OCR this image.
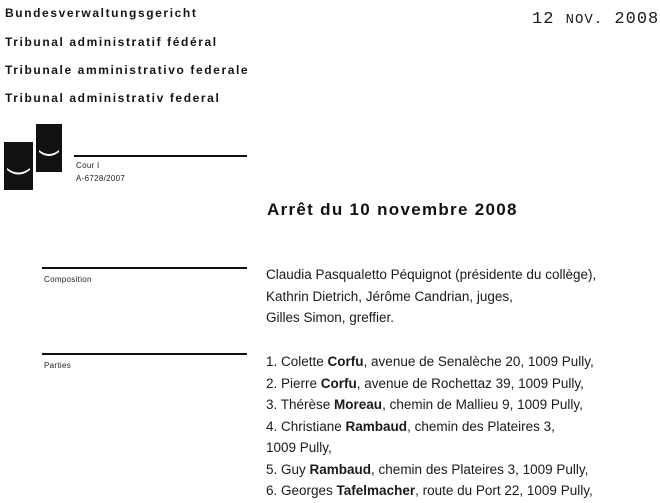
Bundesverwaltungsgericht
Tribunal administratif fédéral
Tribunale amministrativo federale
Tribunal administrativ federal
12 NOV. 2008
Cour I
A-6728/2007
Arrêt du 10 novembre 2008
Composition	Claudia Pasqualetto Péquignot (présidente du collège),

Kathrin Dietrich, Jérôme Candrian, juges,

Gilles Simon, greffier.

Parties	1. Colette Corfu, avenue de Senalèche 20, 1009 Pully,

2. Pierre Corfu, avenue de Rochettaz 39, 1009 Pully,

3. Thérèse Moreau, chemin de Mallieu 9, 1009 Pully,

4. Christiane Rambaud, chemin des Plateires 3,

1009 Pully,

5. Guy Rambaud, chemin des Plateires 3, 1009 Pully,

6. Georges Tafelmacher, route du Port 22, 1009 Pully,
